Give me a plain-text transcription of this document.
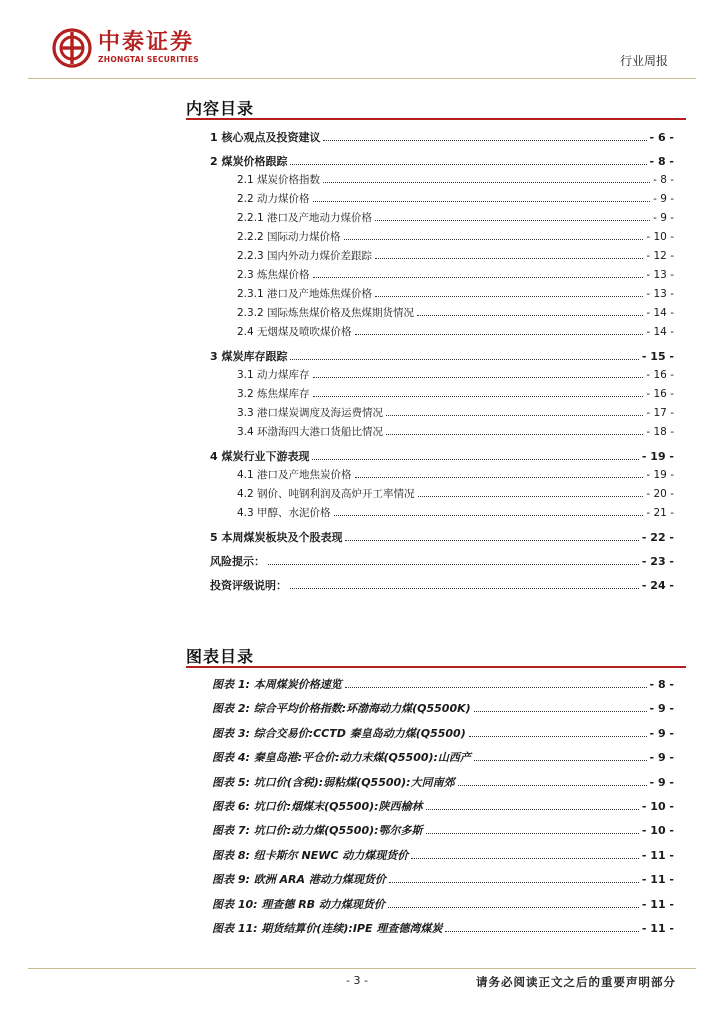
中泰证券
ZHONGTAI SECURITIES	行业周报
内容目录
1 核心观点及投资建议	- 6 -
2 煤炭价格跟踪	- 8 -
2.1 煤炭价格指数	- 8 -
2.2 动力煤价格	- 9 -
2.2.1 港口及产地动力煤价格	- 9 -
2.2.2 国际动力煤价格	- 10 -
2.2.3 国内外动力煤价差跟踪	- 12 -
2.3 炼焦煤价格	- 13 -
2.3.1 港口及产地炼焦煤价格	- 13 -
2.3.2 国际炼焦煤价格及焦煤期货情况	- 14 -
2.4 无烟煤及喷吹煤价格	- 14 -
3 煤炭库存跟踪	- 15 -
3.1 动力煤库存	- 16 -
3.2 炼焦煤库存	- 16 -
3.3 港口煤炭调度及海运费情况	- 17 -
3.4 环渤海四大港口货船比情况	- 18 -
4 煤炭行业下游表现	- 19 -
4.1 港口及产地焦炭价格	- 19 -
4.2 钢价、吨钢利润及高炉开工率情况	- 20 -
4.3 甲醇、水泥价格	- 21 -
5 本周煤炭板块及个股表现	- 22 -
风险提示：	- 23 -
投资评级说明：	- 24 -
图表目录
图表 1: 本周煤炭价格速览	- 8 -
图表 2: 综合平均价格指数:环渤海动力煤(Q5500K)	- 9 -
图表 3: 综合交易价:CCTD 秦皇岛动力煤(Q5500)	- 9 -
图表 4: 秦皇岛港:平仓价:动力末煤(Q5500):山西产	- 9 -
图表 5: 坑口价(含税):弱粘煤(Q5500):大同南郊	- 9 -
图表 6: 坑口价:烟煤末(Q5500):陕西榆林	- 10 -
图表 7: 坑口价:动力煤(Q5500):鄂尔多斯	- 10 -
图表 8: 纽卡斯尔 NEWC 动力煤现货价	- 11 -
图表 9: 欧洲 ARA 港动力煤现货价	- 11 -
图表 10: 理查德 RB 动力煤现货价	- 11 -
图表 11: 期货结算价(连续):IPE 理查德湾煤炭	- 11 -
- 3 -	请务必阅读正文之后的重要声明部分
